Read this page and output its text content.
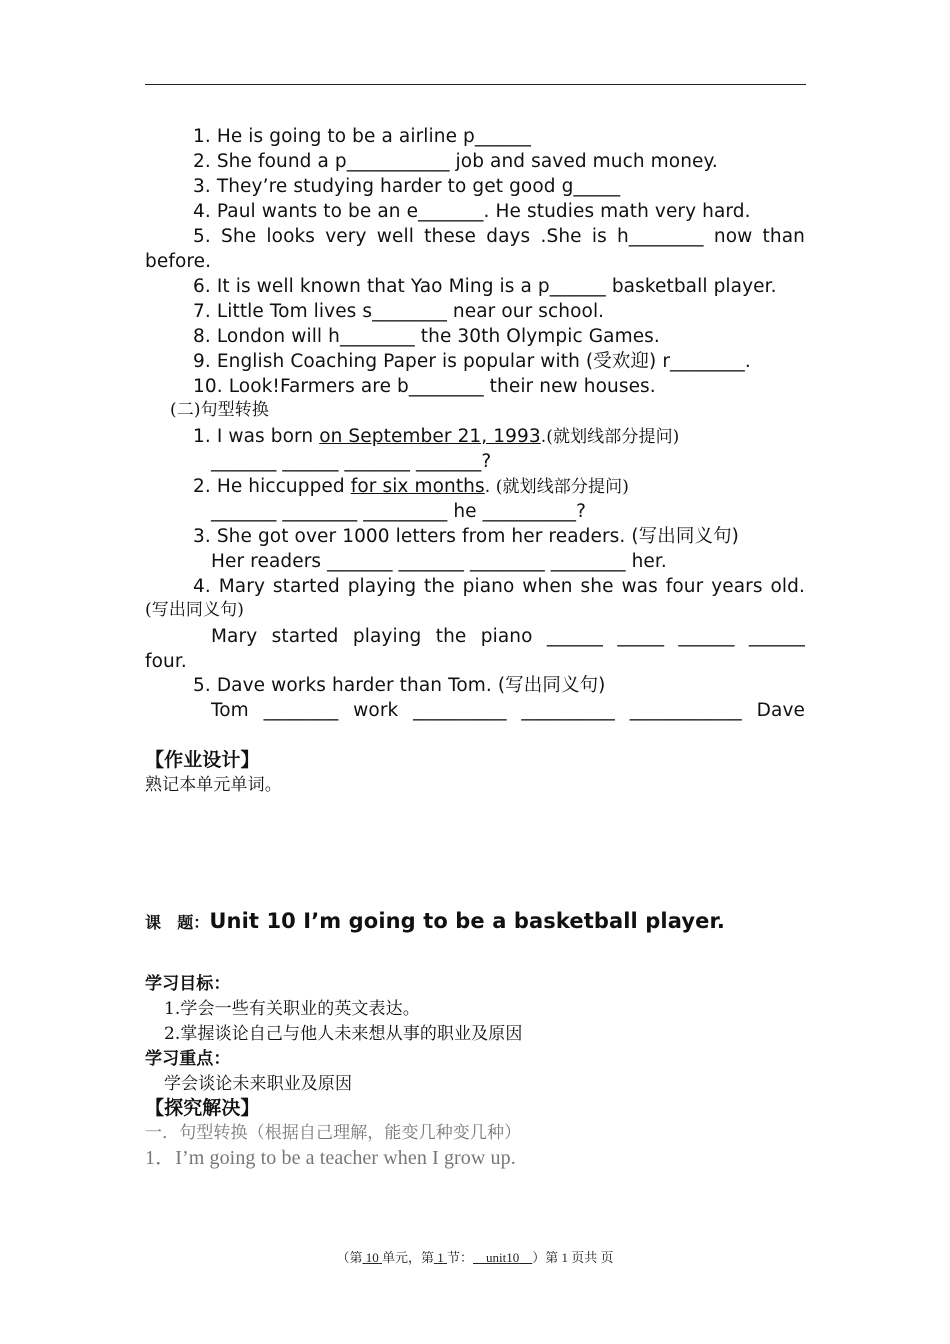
1. He is going to be a airline p______
2. She found a p___________ job and saved much money.
3. They’re studying harder to get good g_____
4. Paul wants to be an e_______. He studies math very hard.
5. She looks very well these days .She is h________ now than
before.
6. It is well known that Yao Ming is a p______ basketball player.
7. Little Tom lives s________ near our school.
8. London will h________ the 30th Olympic Games.
9. English Coaching Paper is popular with (受欢迎) r________.
10. Look!Farmers are b________ their new houses.
(二)句型转换
1. I was born on September 21, 1993.(就划线部分提问)
_______ ______ _______ _______?
2. He hiccupped for six months. (就划线部分提问)
_______ ________ _________ he __________?
3. She got over 1000 letters from her readers. (写出同义句)
Her readers _______ _______ ________ ________ her.
4. Mary started playing the piano when she was four years old.
(写出同义句)
Mary started playing the piano ______ _____ ______ ______
four.
5. Dave works harder than Tom. (写出同义句)
Tom ________ work __________ __________ ____________ Dave
【作业设计】
熟记本单元单词。
课　题：Unit 10 I’m going to be a basketball player.
学习目标：
1.学会一些有关职业的英文表达。
2.掌握谈论自己与他人未来想从事的职业及原因
学习重点：
学会谈论未来职业及原因
【探究解决】
一．句型转换（根据自己理解，能变几种变几种）
1．I’m going to be a teacher when I grow up.
（第 10 单元，第 1 节： unit10 ）第 1 页共 页
